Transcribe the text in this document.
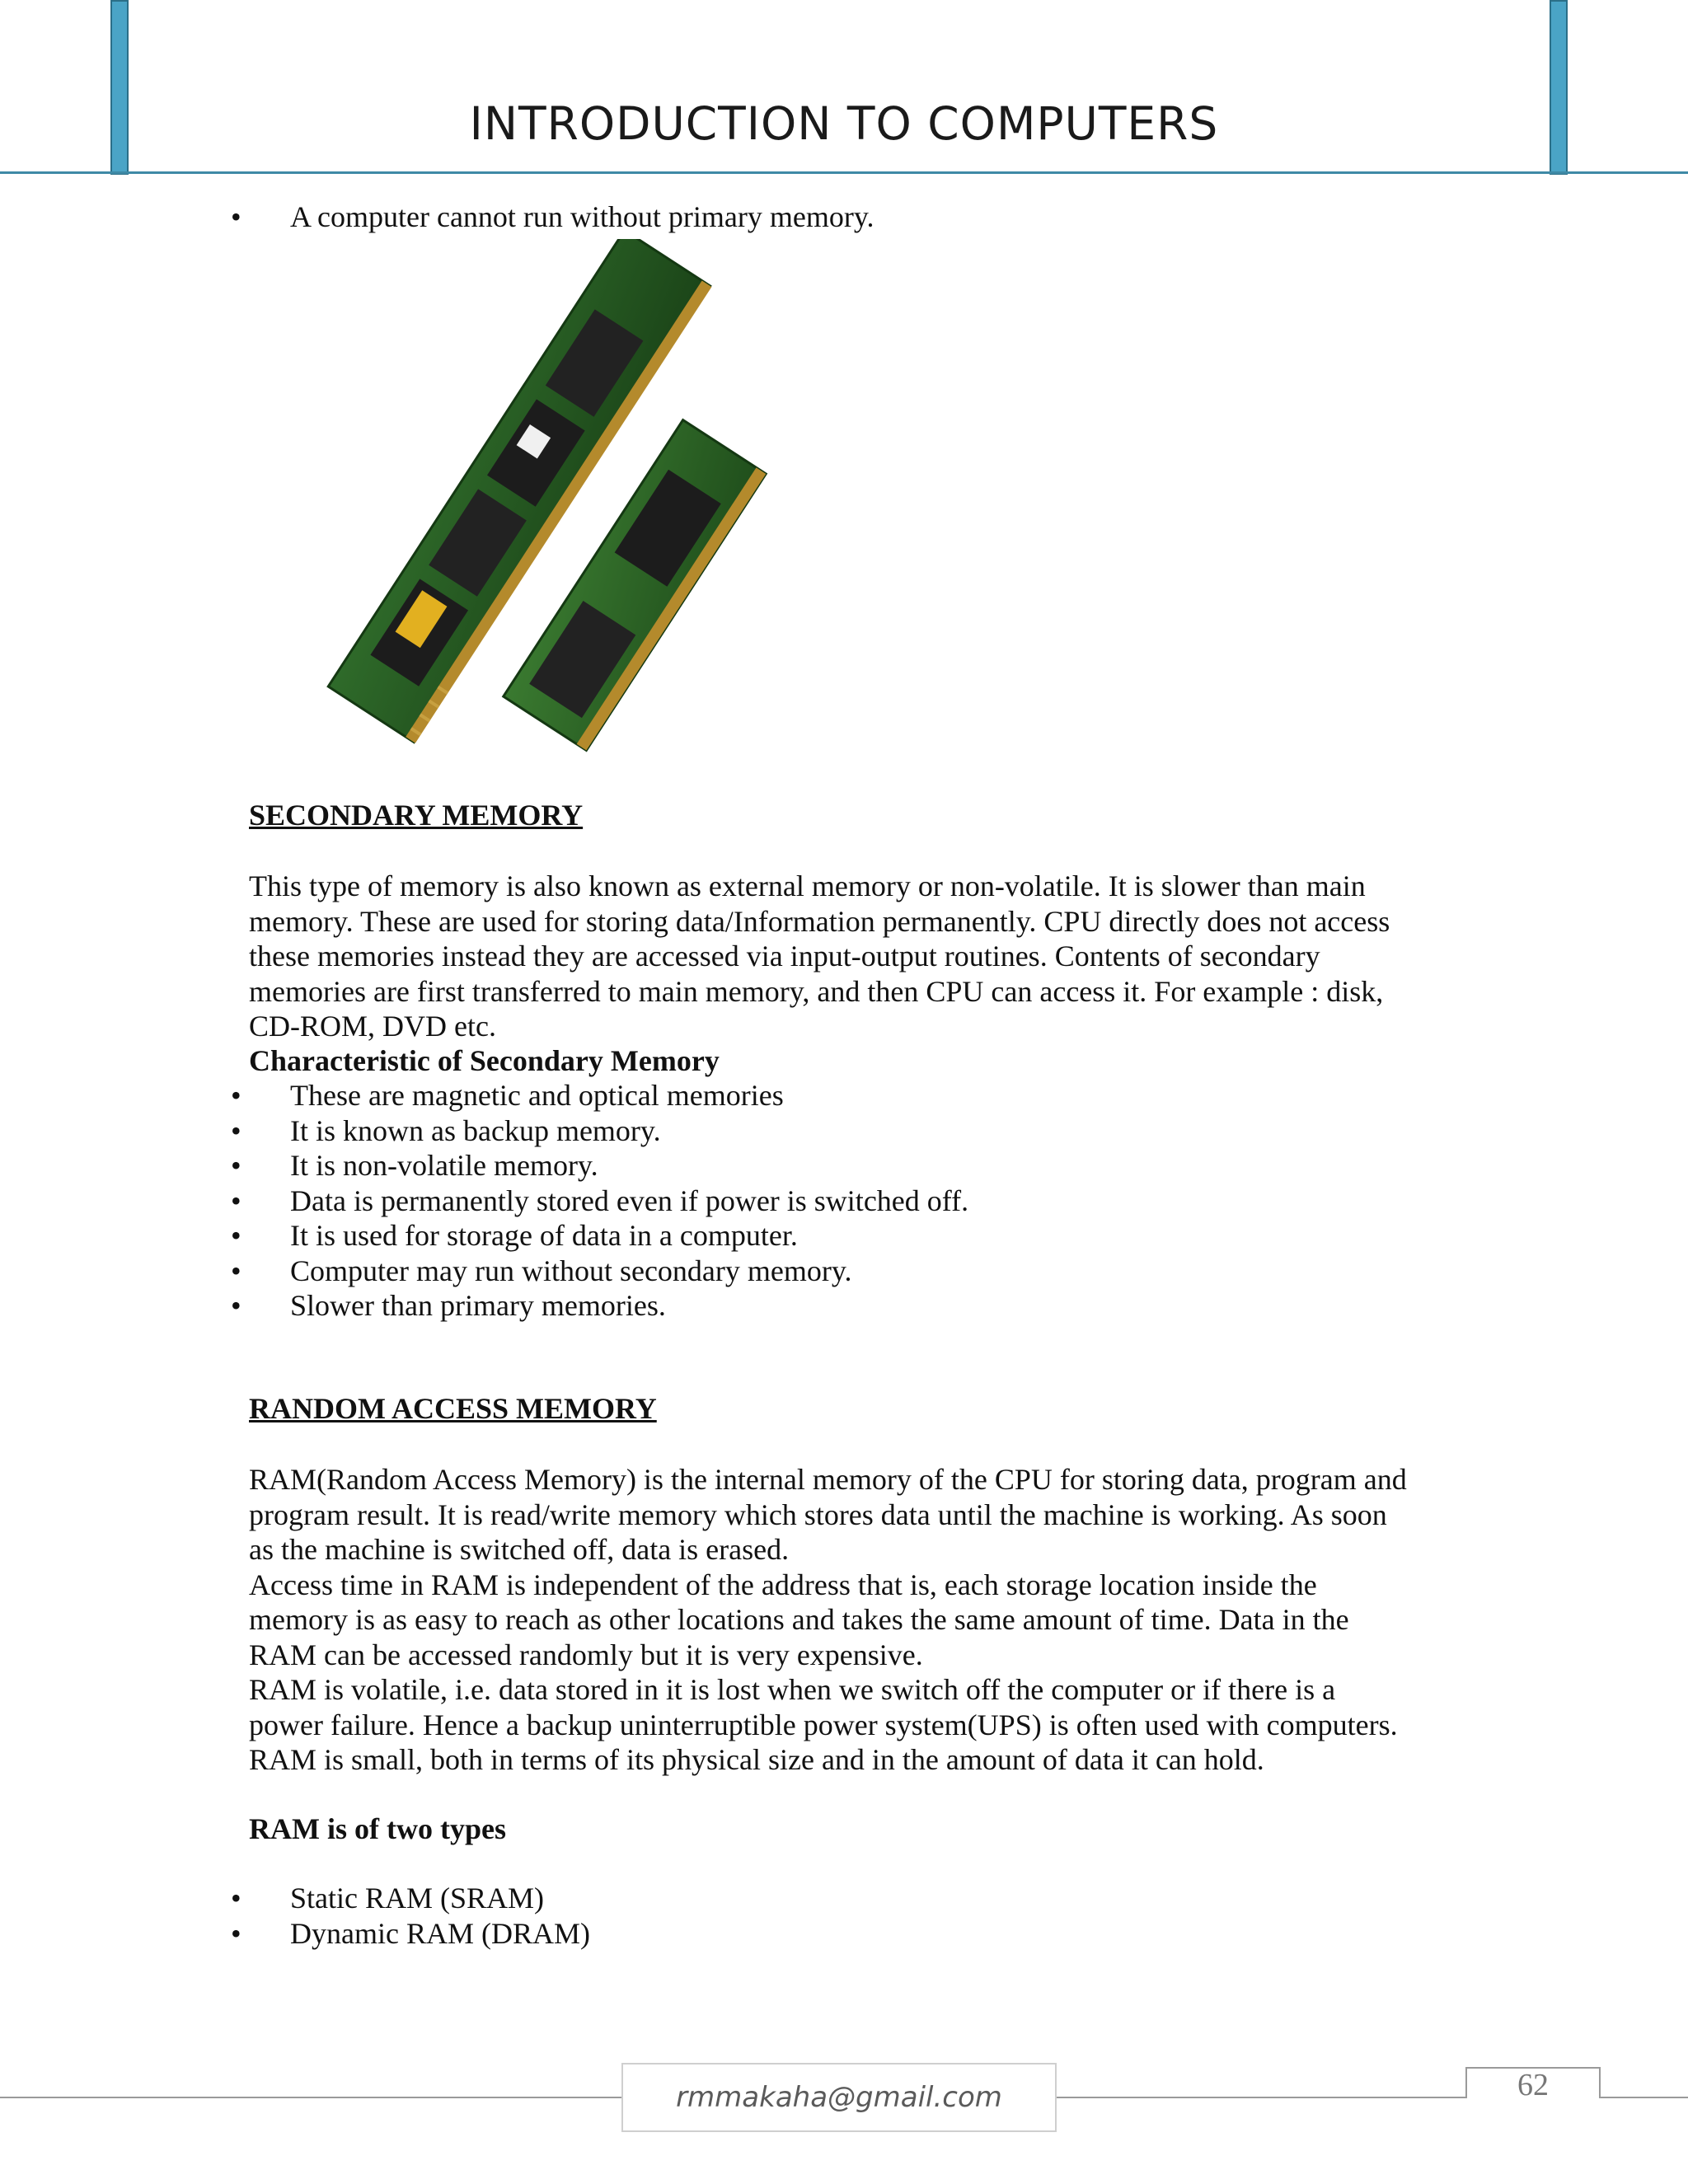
INTRODUCTION TO COMPUTERS
• A computer cannot run without primary memory.
SECONDARY MEMORY

This type of memory is also known as external memory or non-volatile. It is slower than main
memory. These are used for storing data/Information permanently. CPU directly does not access
these memories instead they are accessed via input-output routines. Contents of secondary
memories are first transferred to main memory, and then CPU can access it. For example : disk,
CD-ROM, DVD etc.

Characteristic of Secondary Memory
• These are magnetic and optical memories
• It is known as backup memory.
• It is non-volatile memory.
• Data is permanently stored even if power is switched off.
• It is used for storage of data in a computer.
• Computer may run without secondary memory.
• Slower than primary memories.
RANDOM ACCESS MEMORY

RAM(Random Access Memory) is the internal memory of the CPU for storing data, program and
program result. It is read/write memory which stores data until the machine is working. As soon
as the machine is switched off, data is erased.
Access time in RAM is independent of the address that is, each storage location inside the
memory is as easy to reach as other locations and takes the same amount of time. Data in the
RAM can be accessed randomly but it is very expensive.
RAM is volatile, i.e. data stored in it is lost when we switch off the computer or if there is a
power failure. Hence a backup uninterruptible power system(UPS) is often used with computers.
RAM is small, both in terms of its physical size and in the amount of data it can hold.

RAM is of two types
• Static RAM (SRAM)
• Dynamic RAM (DRAM)
rmmakaha@gmail.com	62
